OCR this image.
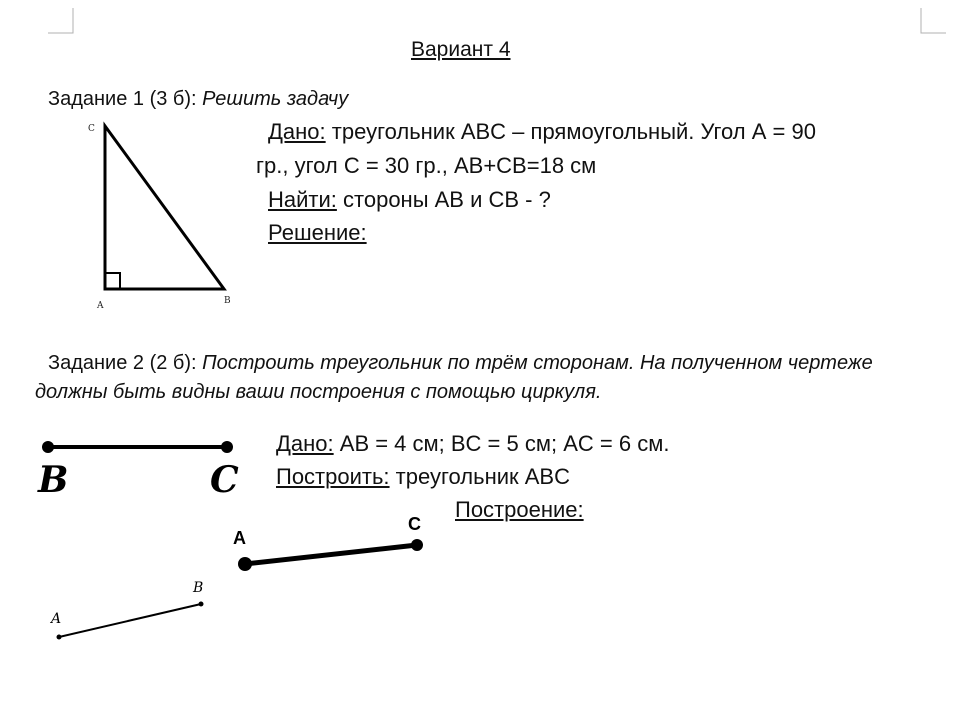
Вариант 4
Задание 1 (3 б): Решить задачу
Дано: треугольник ABC – прямоугольный. Угол А = 90
гр., угол С = 30 гр., AB+CB=18 см
Найти: стороны AB и CB - ?
Решение:
C
A	B
Задание 2 (2 б): Построить треугольник по трём сторонам. На полученном чертеже
должны быть видны ваши построения с помощью циркуля.
Дано: AB = 4 см; BC = 5 см; AC = 6 см.
Построить: треугольник ABC
Построение:
B	C
A
C
A
B
